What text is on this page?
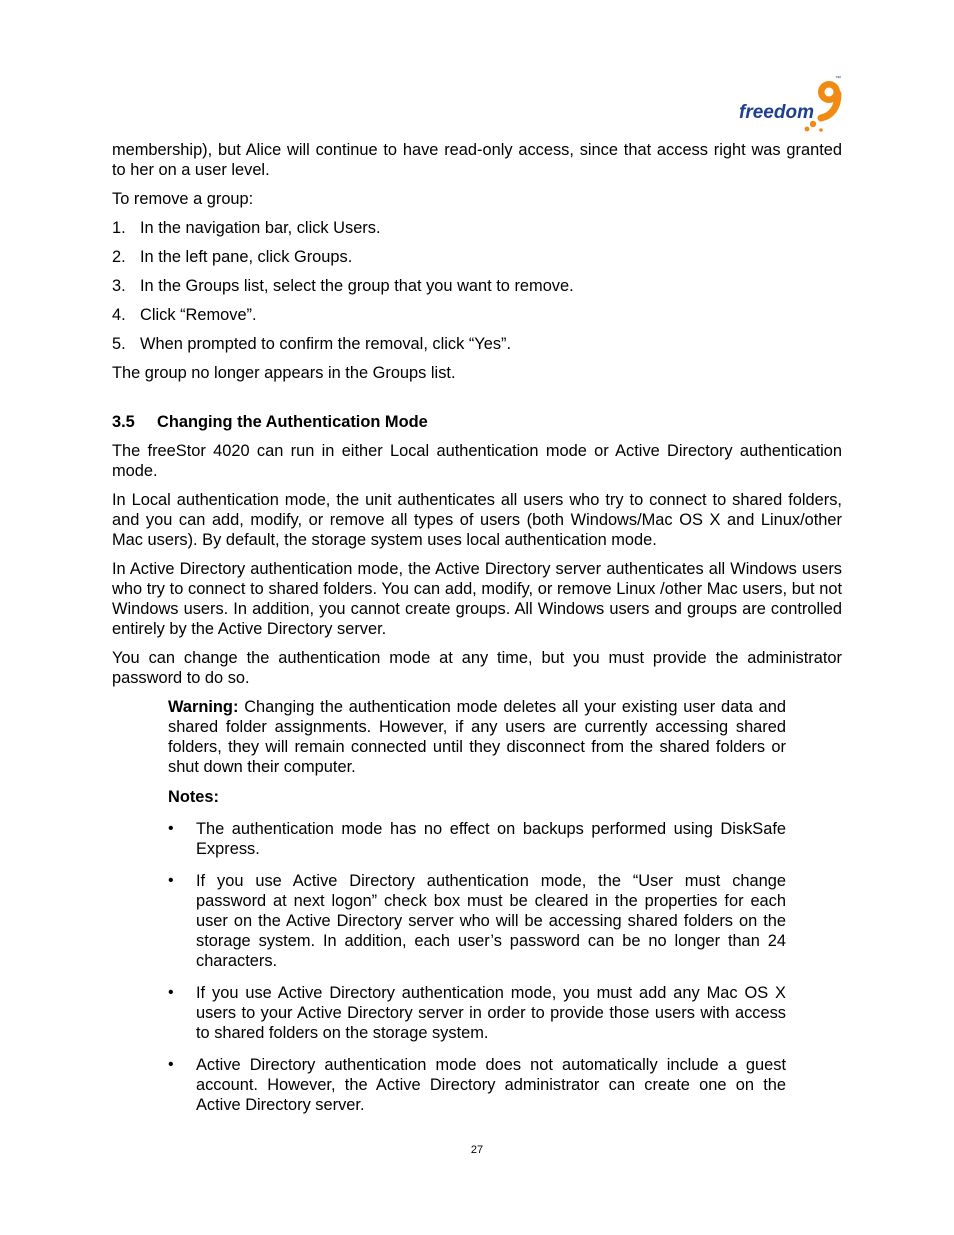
freedom
™

membership), but Alice will continue to have read-only access, since that access right was granted to her on a user level.

To remove a group:

1. In the navigation bar, click Users.
2. In the left pane, click Groups.
3. In the Groups list, select the group that you want to remove.
4. Click “Remove”.
5. When prompted to confirm the removal, click “Yes”.

The group no longer appears in the Groups list.

3.5	Changing the Authentication Mode

The freeStor 4020 can run in either Local authentication mode or Active Directory authentication mode.

In Local authentication mode, the unit authenticates all users who try to connect to shared folders, and you can add, modify, or remove all types of users (both Windows/Mac OS X and Linux/other Mac users). By default, the storage system uses local authentication mode.

In Active Directory authentication mode, the Active Directory server authenticates all Windows users who try to connect to shared folders. You can add, modify, or remove Linux /other Mac users, but not Windows users. In addition, you cannot create groups. All Windows users and groups are controlled entirely by the Active Directory server.

You can change the authentication mode at any time, but you must provide the administrator password to do so.

Warning: Changing the authentication mode deletes all your existing user data and shared folder assignments. However, if any users are currently accessing shared folders, they will remain connected until they disconnect from the shared folders or shut down their computer.

Notes:
•	The authentication mode has no effect on backups performed using DiskSafe Express.
•	If you use Active Directory authentication mode, the “User must change password at next logon” check box must be cleared in the properties for each user on the Active Directory server who will be accessing shared folders on the storage system. In addition, each user’s password can be no longer than 24 characters.
•	If you use Active Directory authentication mode, you must add any Mac OS X users to your Active Directory server in order to provide those users with access to shared folders on the storage system.
•	Active Directory authentication mode does not automatically include a guest account. However, the Active Directory administrator can create one on the Active Directory server.
27
